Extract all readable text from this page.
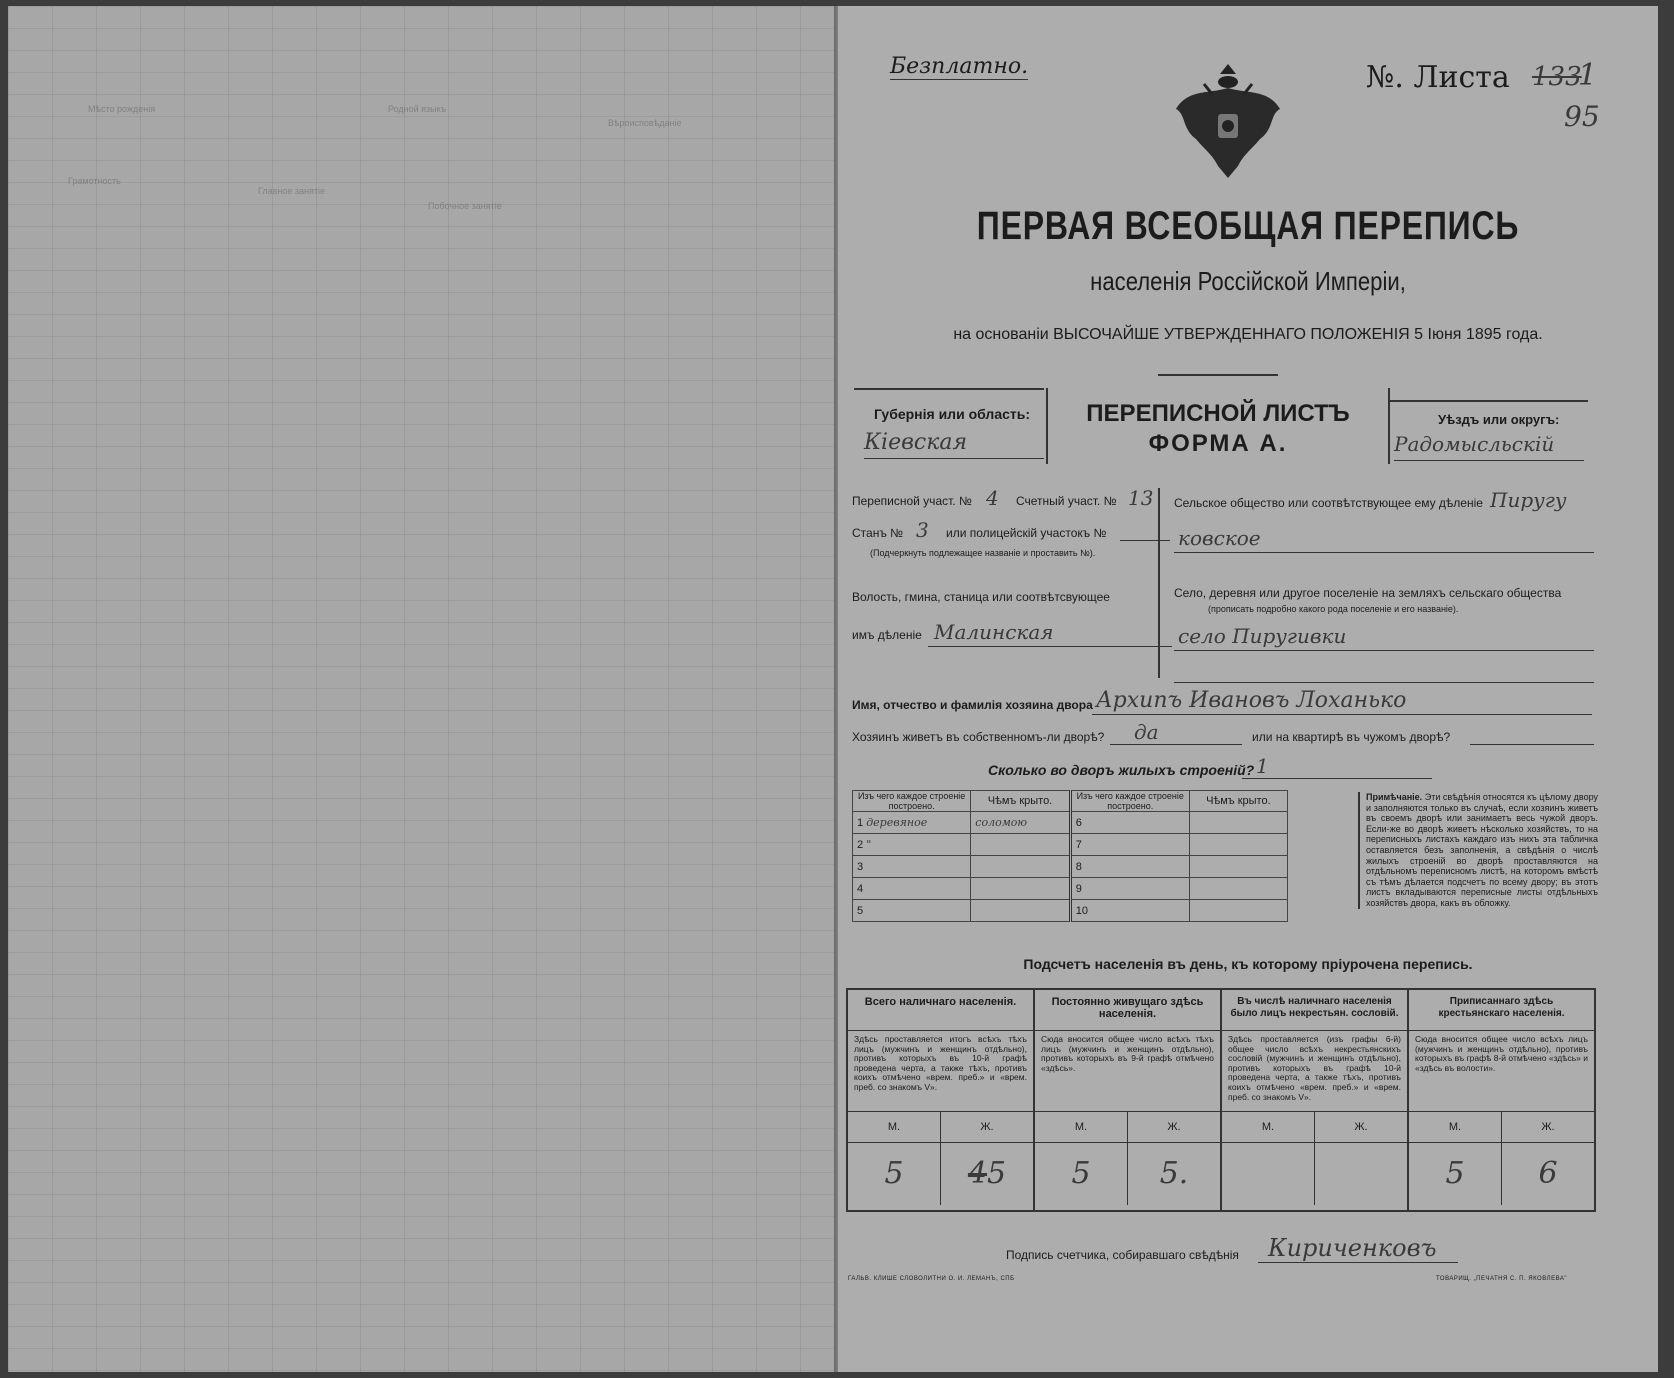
Мѣсто рожденія	Родной языкъ
Вѣроисповѣданіе
Грамотность
Главное занятіе
Побочное занятіе
Безплатно.	№. Листа 133
1
95
ПЕРВАЯ ВСЕОБЩАЯ ПЕРЕПИСЬ
населенія Россійской Имперіи,
на основаніи ВЫСОЧАЙШЕ УТВЕРЖДЕННАГО ПОЛОЖЕНІЯ 5 Іюня 1895 года.
Губернія или область:
Кіевская
ПЕРЕПИСНОЙ ЛИСТЪ
ФОРМА А.
Уѣздъ или округъ:
Радомысльскій
Переписной участ. № 4 Счетный участ. № 13
Станъ № 3 или полицейскій участокъ №
(Подчеркнуть подлежащее названіе и проставить №).
Волость, гмина, станица или соотвѣтсвующее
имъ дѣленіе Малинская
Сельское общество или соотвѣтствующее ему дѣленіе Пиругу
ковское
Село, деревня или другое поселеніе на земляхъ сельскаго общества
(прописать подробно какого рода поселеніе и его названіе).
село Пиругивки
Имя, отчество и фамилія хозяина двора Архипъ Ивановъ Лоханько
Хозяинъ живетъ въ собственномъ-ли дворѣ? да	или на квартирѣ въ чужомъ дворѣ?
Сколько во дворъ жилыхъ строеній? 1
Изъ чего каждое строеніе построено.	Чѣмъ крыто.	Изъ чего каждое строеніе построено.	Чѣмъ крыто.
1 деревяное	соломою	6	
2 "		7	
3		8	
4		9	
5		10	
Примѣчаніе. Эти свѣдѣнія относятся къ цѣлому двору и заполняются только въ случаѣ, если хозяинъ живетъ въ своемъ дворѣ или занимаетъ весь чужой дворъ. Если-же во дворѣ живетъ нѣсколько хозяйствъ, то на переписныхъ листахъ каждаго изъ нихъ эта табличка оставляется безъ заполненія, а свѣдѣнія о числѣ жилыхъ строеній во дворѣ проставляются на отдѣльномъ переписномъ листѣ, на которомъ вмѣстѣ съ тѣмъ дѣлается подсчетъ по всему двору; въ этотъ листъ вкладываются переписные листы отдѣльныхъ хозяйствъ двора, какъ въ обложку.
Подсчетъ населенія въ день, къ которому пріурочена перепись.
Всего наличнаго населенія.
Здѣсь проставляется итогъ всѣхъ тѣхъ лицъ (мужчинъ и женщинъ отдѣльно), противъ которыхъ въ 10-й графѣ проведена черта, а также тѣхъ, противъ коихъ отмѣчено «врем. преб.» и «врем. преб. со знакомъ V».
М.	Ж.
5	45
Постоянно живущаго здѣсь населенія.
Сюда вносится общее число всѣхъ тѣхъ лицъ (мужчинъ и женщинъ отдѣльно), противъ которыхъ въ 9-й графѣ отмѣчено «здѣсь».
М.	Ж.
5	5.
Въ числѣ наличнаго населенія было лицъ некрестьян. сословій.
Здѣсь проставляется (изъ графы 6-й) общее число всѣхъ некрестьянскихъ сословій (мужчинъ и женщинъ отдѣльно), противъ которыхъ въ графѣ 10-й проведена черта, а также тѣхъ, противъ коихъ отмѣчено «врем. преб.» и «врем. преб. со знакомъ V».
М.	Ж.
Приписаннаго здѣсь крестьянскаго населенія.
Сюда вносится общее число всѣхъ лицъ (мужчинъ и женщинъ отдѣльно), противъ которыхъ въ графѣ 8-й отмѣчено «здѣсь» и «здѣсь въ волости».
М.	Ж.
5	6
Подпись счетчика, собиравшаго свѣдѣнія Кириченковъ
ГАЛЬВ. КЛИШЕ СЛОВОЛИТНИ О. И. ЛЕМАНЪ, СПБ	ТОВАРИЩ. „ПЕЧАТНЯ С. П. ЯКОВЛЕВА"
